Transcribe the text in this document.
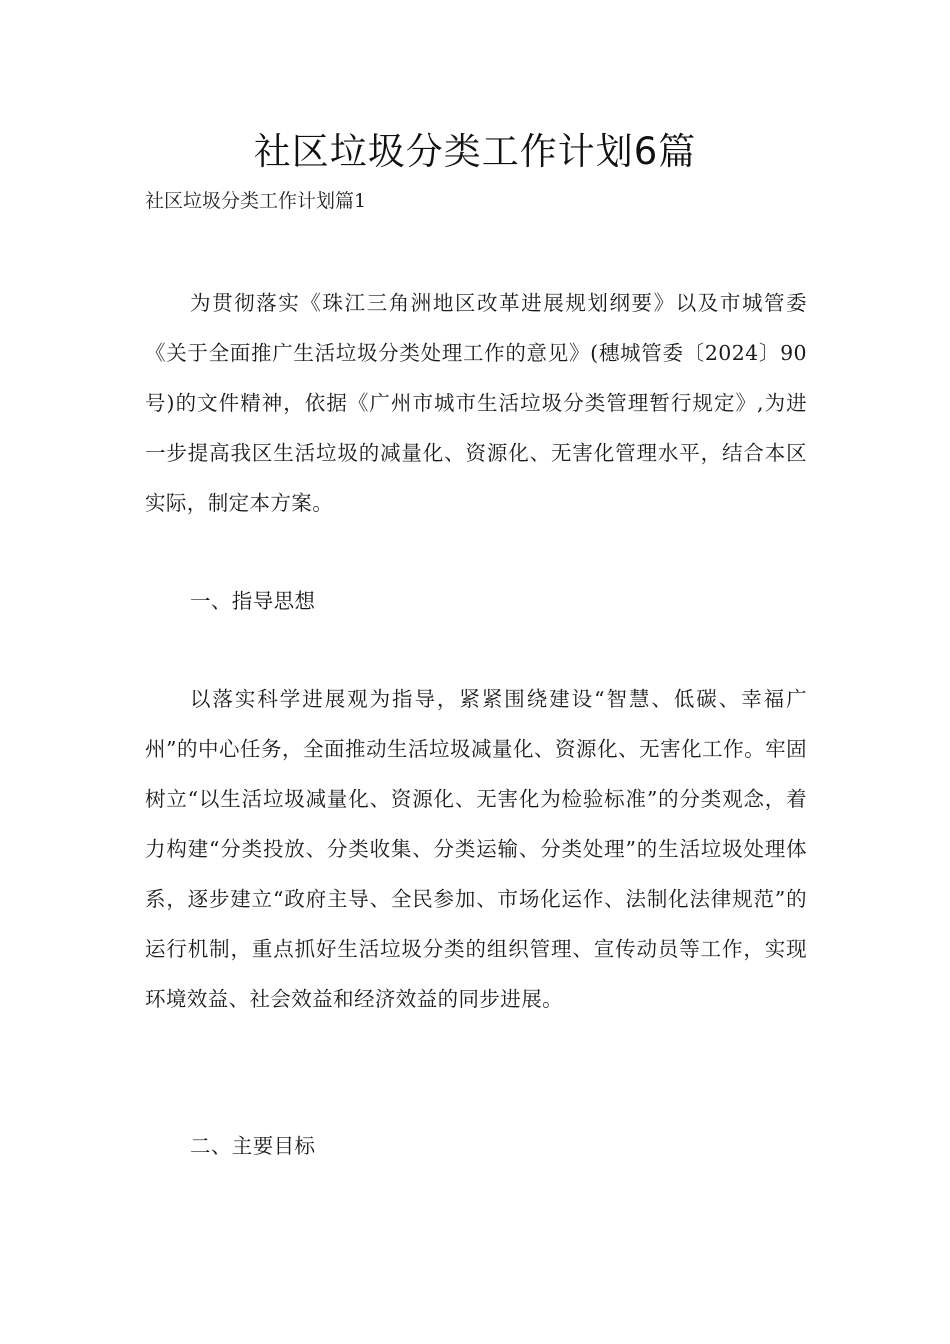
社区垃圾分类工作计划6篇
社区垃圾分类工作计划篇1
为贯彻落实《珠江三角洲地区改革进展规划纲要》以及市城管委《关于全面推广生活垃圾分类处理工作的意见》(穗城管委〔2024〕90号)的文件精神，依据《广州市城市生活垃圾分类管理暂行规定》,为进一步提高我区生活垃圾的减量化、资源化、无害化管理水平，结合本区实际，制定本方案。
一、指导思想
以落实科学进展观为指导，紧紧围绕建设“智慧、低碳、幸福广州”的中心任务，全面推动生活垃圾减量化、资源化、无害化工作。牢固树立“以生活垃圾减量化、资源化、无害化为检验标准”的分类观念，着力构建“分类投放、分类收集、分类运输、分类处理”的生活垃圾处理体系，逐步建立“政府主导、全民参加、市场化运作、法制化法律规范”的运行机制，重点抓好生活垃圾分类的组织管理、宣传动员等工作，实现环境效益、社会效益和经济效益的同步进展。
二、主要目标
